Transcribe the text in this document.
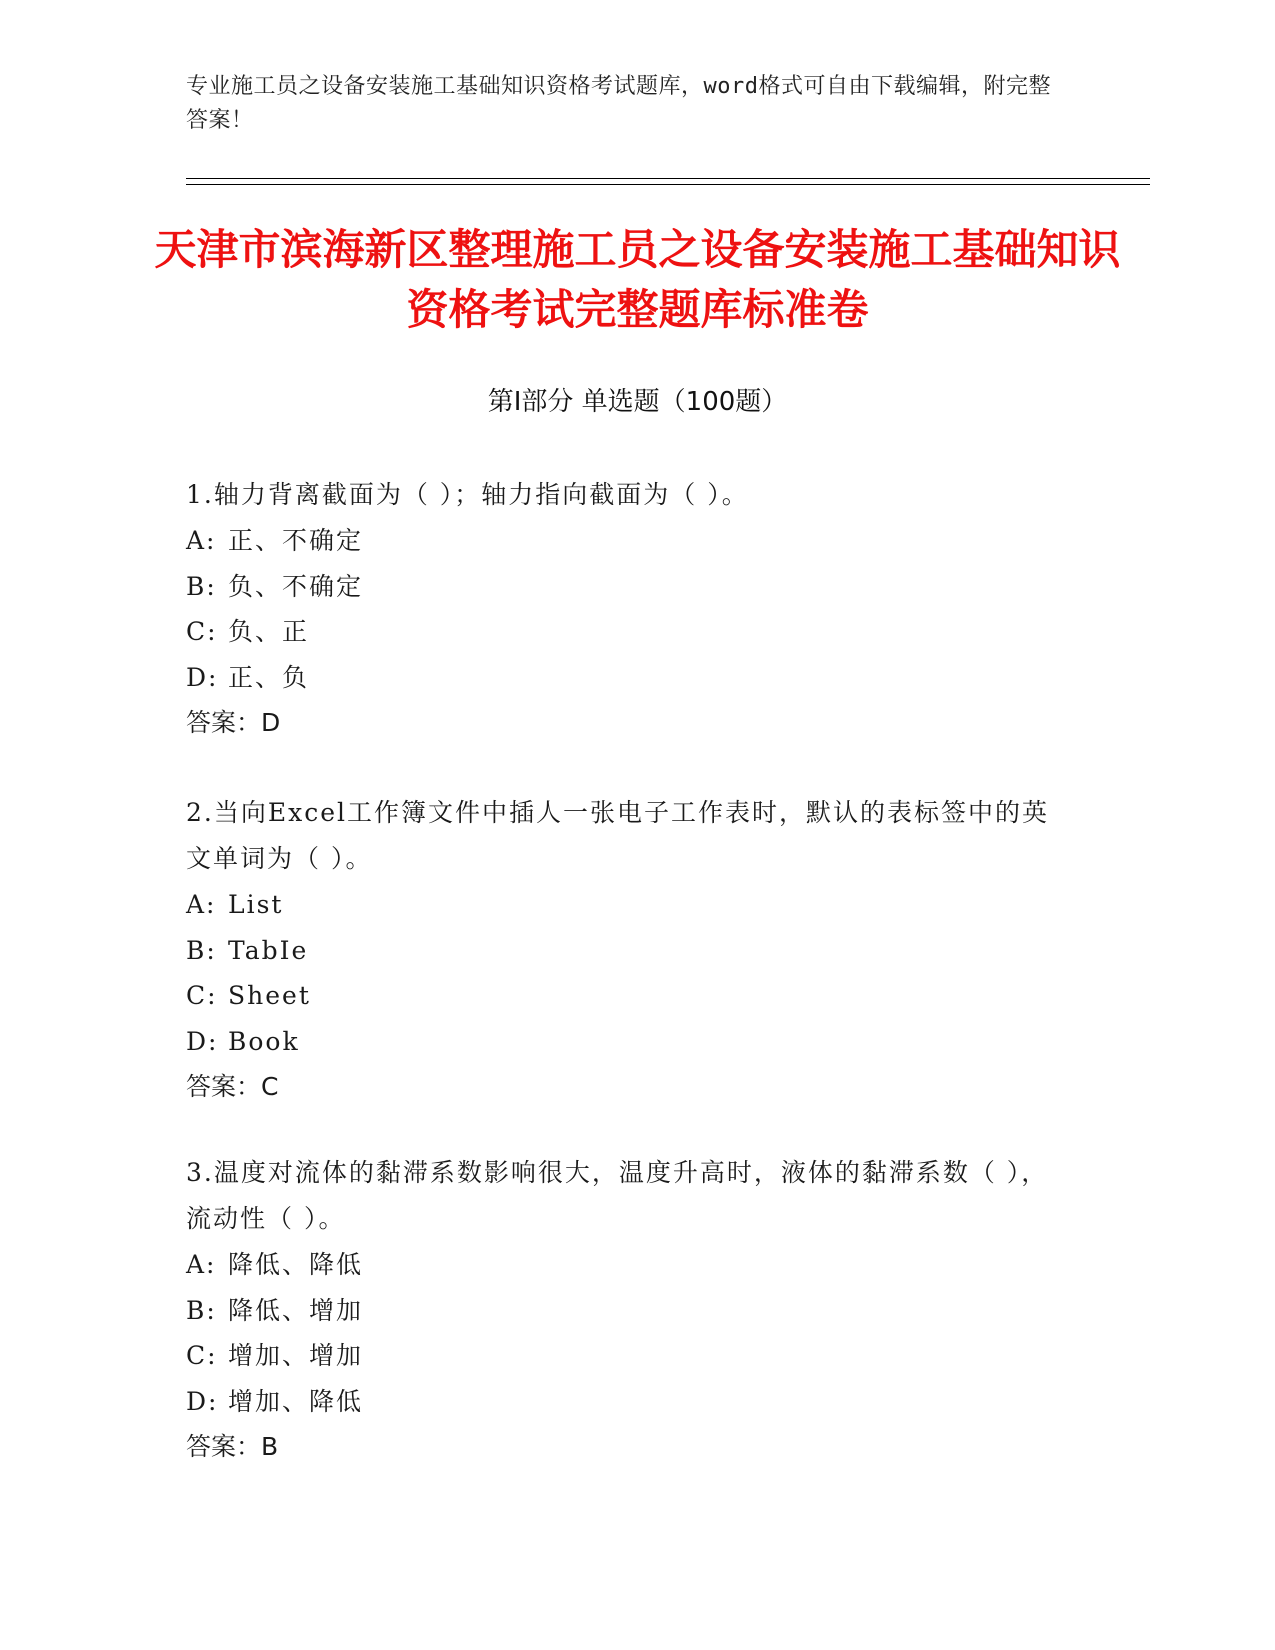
专业施工员之设备安装施工基础知识资格考试题库，word格式可自由下载编辑，附完整答案！
天津市滨海新区整理施工员之设备安装施工基础知识资格考试完整题库标准卷
第Ⅰ部分 单选题（100题）
1.轴力背离截面为（ ）；轴力指向截面为（ ）。
A: 正、不确定
B: 负、不确定
C: 负、正
D: 正、负
答案：D
2.当向Excel工作簿文件中插人一张电子工作表时，默认的表标签中的英文单词为（ ）。
A: List
B: TabIe
C: Sheet
D: Book
答案：C
3.温度对流体的黏滞系数影响很大，温度升高时，液体的黏滞系数（ ），流动性（ ）。
A: 降低、降低
B: 降低、增加
C: 增加、增加
D: 增加、降低
答案：B
